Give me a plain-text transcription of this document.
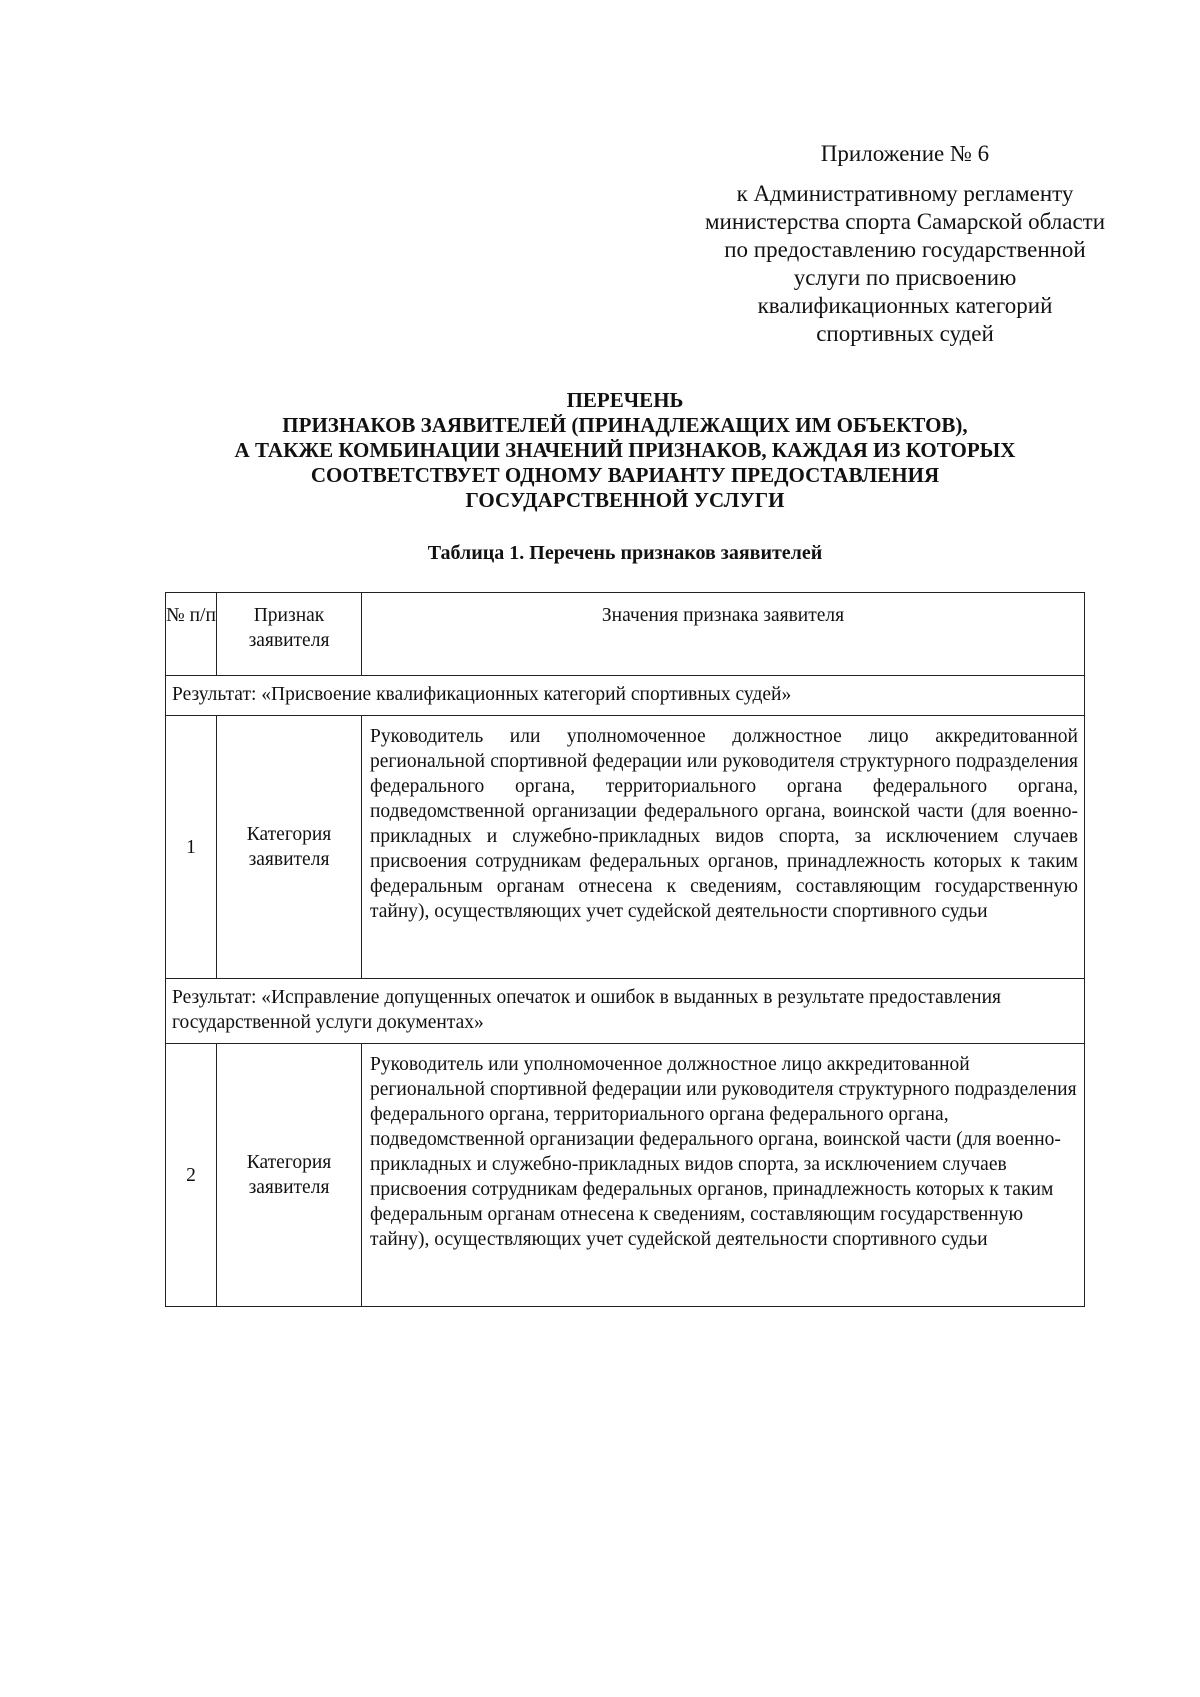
Приложение № 6
к Административному регламенту
министерства спорта Самарской области
по предоставлению государственной
услуги по присвоению
квалификационных категорий
спортивных судей
ПЕРЕЧЕНЬ
ПРИЗНАКОВ ЗАЯВИТЕЛЕЙ (ПРИНАДЛЕЖАЩИХ ИМ ОБЪЕКТОВ),
А ТАКЖЕ КОМБИНАЦИИ ЗНАЧЕНИЙ ПРИЗНАКОВ, КАЖДАЯ ИЗ КОТОРЫХ
СООТВЕТСТВУЕТ ОДНОМУ ВАРИАНТУ ПРЕДОСТАВЛЕНИЯ
ГОСУДАРСТВЕННОЙ УСЛУГИ
Таблица 1. Перечень признаков заявителей
№ п/п	Признак заявителя	Значения признака заявителя
Результат: «Присвоение квалификационных категорий спортивных судей»		
1	Категория заявителя	Руководитель или уполномоченное должностное лицо аккредитованной региональной спортивной федерации или руководителя структурного подразделения федерального органа, территориального органа федерального органа, подведомственной организации федерального органа, воинской части (для военно-прикладных и служебно-прикладных видов спорта, за исключением случаев присвоения сотрудникам федеральных органов, принадлежность которых к таким федеральным органам отнесена к сведениям, составляющим государственную тайну), осуществляющих учет судейской деятельности спортивного судьи
Результат: «Исправление допущенных опечаток и ошибок в выданных в результате предоставления государственной услуги документах»		
2	Категория заявителя	Руководитель или уполномоченное должностное лицо аккредитованной региональной спортивной федерации или руководителя структурного подразделения федерального органа, территориального органа федерального органа, подведомственной организации федерального органа, воинской части (для военно-прикладных и служебно-прикладных видов спорта, за исключением случаев присвоения сотрудникам федеральных органов, принадлежность которых к таким федеральным органам отнесена к сведениям, составляющим государственную тайну), осуществляющих учет судейской деятельности спортивного судьи
